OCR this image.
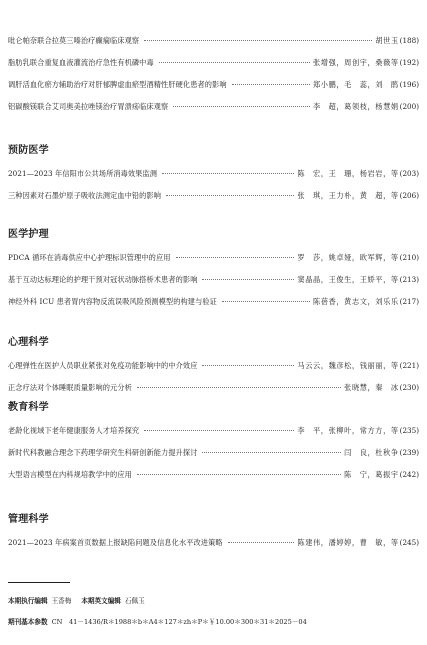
吡仑帕奈联合拉莫三嗪治疗癫痫临床观察	胡世玉 (188)
脂肪乳联合重复血液灌流治疗急性有机磷中毒	张增强，周创宇，桑薇等 (192)
调肝活血化瘀方辅助治疗对肝郁脾虚血瘀型酒精性肝硬化患者的影响	郑小鹏，毛　蕊，刘　鹃 (196)
铝碳酸镁联合艾司奥美拉唑镁治疗胃溃疡临床观察	李　超，葛领枝，杨慧娟 (200)
预防医学
2021—2023 年信阳市公共场所消毒效果监测	陈　宏，王　珊，杨岩岩，等 (203)
三种因素对石墨炉原子吸收法测定血中铅的影响	张　琪，王力朴，黄　超，等 (206)
医学护理
PDCA 循环在消毒供应中心护理标识管理中的应用	罗　莎，姚卓娅，欧军辉，等 (210)
基于互动达标理论的护理干预对冠状动脉搭桥术患者的影响	窦晶晶，王俊生，王娇平，等 (213)
神经外科 ICU 患者胃内容物反流误吸风险预测模型的构建与验证	陈蓓香，黄志文，刘乐乐 (217)
心理科学
心理弹性在医护人员职业紧张对免疫功能影响中的中介效应	马云云，魏彦松，钱丽丽，等 (221)
正念疗法对个体睡眠质量影响的元分析	张晓慧，秦　冰 (230)
教育科学
老龄化视域下老年健康服务人才培养探究	李　平，张柳叶，常方方，等 (235)
新时代科教融合理念下药理学研究生科研创新能力提升探讨	闫　良，杜秋争 (239)
大型语言模型在内科规培教学中的应用	陈　宁，葛振宇 (242)
管理科学
2021—2023 年病案首页数据上报缺陷问题及信息化水平改进策略	陈建伟，潘婷婷，曹　敏，等 (245)
本期执行编辑 王香梅 本期英文编辑 石佩玉
期刊基本参数 CN　41－1436/R＊1988＊b＊A4＊127＊zh＊P＊￥10.00＊300＊31＊2025－04
